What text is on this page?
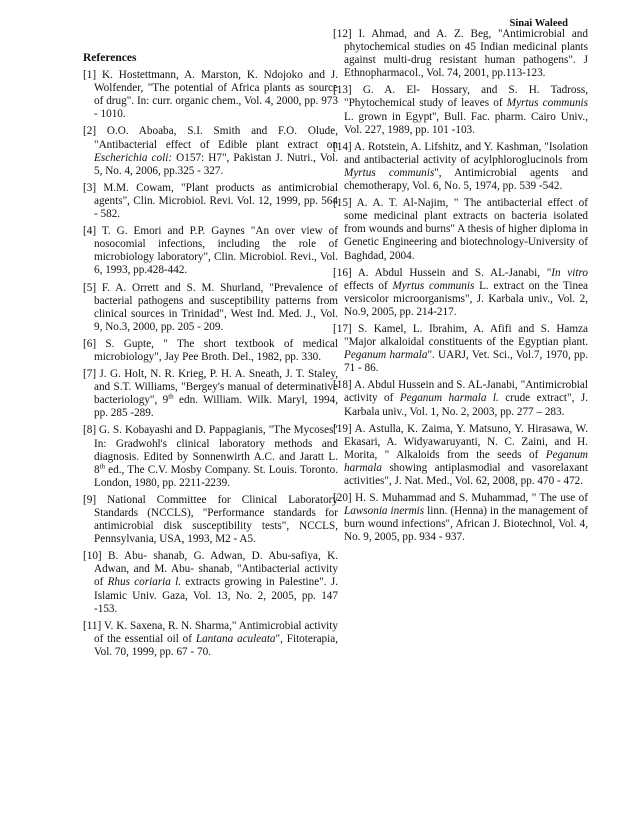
Sinai Waleed
References
[1] K. Hostettmann, A. Marston, K. Ndojoko and J. Wolfender, "The potential of Africa plants as source of drug". In: curr. organic chem., Vol. 4, 2000, pp. 973 - 1010.
[2] O.O. Aboaba, S.I. Smith and F.O. Olude, "Antibacterial effect of Edible plant extract on Escherichia coli: O157: H7", Pakistan J. Nutri., Vol. 5, No. 4, 2006, pp.325 - 327.
[3] M.M. Cowam, "Plant products as antimicrobial agents", Clin. Microbiol. Revi. Vol. 12, 1999, pp. 564 - 582.
[4] T. G. Emori and P.P. Gaynes "An over view of nosocomial infections, including the role of microbiology laboratory", Clin. Microbiol. Revi., Vol. 6, 1993, pp.428-442.
[5] F. A. Orrett and S. M. Shurland, "Prevalence of bacterial pathogens and susceptibility patterns from clinical sources in Trinidad", West Ind. Med. J., Vol. 9, No.3, 2000, pp. 205 - 209.
[6] S. Gupte, " The short textbook of medical microbiology", Jay Pee Broth. Del., 1982, pp. 330.
[7] J. G. Holt, N. R. Krieg, P. H. A. Sneath, J. T. Staley, and S.T. Williams, "Bergey's manual of determinative bacteriology", 9th edn. William. Wilk. Maryl, 1994, pp. 285 -289.
[8] G. S. Kobayashi and D. Pappagianis, "The Mycoses" In: Gradwohl's clinical laboratory methods and diagnosis. Edited by Sonnenwirth A.C. and Jaratt L. 8th ed., The C.V. Mosby Company. St. Louis. Toronto. London, 1980, pp. 2211-2239.
[9] National Committee for Clinical Laboratory Standards (NCCLS), "Performance standards for antimicrobial disk susceptibility tests", NCCLS, Pennsylvania, USA, 1993, M2 - A5.
[10] B. Abu- shanab, G. Adwan, D. Abu-safiya, K. Adwan, and M. Abu- shanab, "Antibacterial activity of Rhus coriaria l. extracts growing in Palestine". J. Islamic Univ. Gaza, Vol. 13, No. 2, 2005, pp. 147 -153.
[11] V. K. Saxena, R. N. Sharma," Antimicrobial activity of the essential oil of Lantana aculeata", Fitoterapia, Vol. 70, 1999, pp. 67 - 70.
[12] I. Ahmad, and A. Z. Beg, ''Antimicrobial and phytochemical studies on 45 Indian medicinal plants against multi-drug resistant human pathogens". J Ethnopharmacol., Vol. 74, 2001, pp.113-123.
[13] G. A. El- Hossary, and S. H. Tadross, "Phytochemical study of leaves of Myrtus communis L. grown in Egypt'', Bull. Fac. pharm. Cairo Univ., Vol. 227, 1989, pp. 101 -103.
[14] A. Rotstein, A. Lifshitz, and Y. Kashman, "Isolation and antibacterial activity of acylphloroglucinols from Myrtus communis", Antimicrobial agents and chemotherapy, Vol. 6, No. 5, 1974, pp. 539 -542.
[15] A. A. T. Al-Najim, " The antibacterial effect of some medicinal plant extracts on bacteria isolated from wounds and burns" A thesis of higher diploma in Genetic Engineering and biotechnology-University of Baghdad, 2004.
[16] A. Abdul Hussein and S. AL-Janabi, "In vitro effects of Myrtus communis L. extract on the Tinea versicolor microorganisms", J. Karbala univ., Vol. 2, No.9, 2005, pp. 214-217.
[17] S. Kamel, L. Ibrahim, A. Afifi and S. Hamza "Major alkaloidal constituents of the Egyptian plant. Peganum harmala". UARJ, Vet. Sci., Vol.7, 1970, pp. 71 - 86.
[18] A. Abdul Hussein and S. AL-Janabi, "Antimicrobial activity of Peganum harmala l. crude extract", J. Karbala univ., Vol. 1, No. 2, 2003, pp. 277 – 283.
[19] A. Astulla, K. Zaima, Y. Matsuno, Y. Hirasawa, W. Ekasari, A. Widyawaruyanti, N. C. Zaini, and H. Morita, " Alkaloids from the seeds of Peganum harmala showing antiplasmodial and vasorelaxant activities", J. Nat. Med., Vol. 62, 2008, pp. 470 - 472.
[20] H. S. Muhammad and S. Muhammad, " The use of Lawsonia inermis linn. (Henna) in the management of burn wound infections", African J. Biotechnol, Vol. 4, No. 9, 2005, pp. 934 - 937.
